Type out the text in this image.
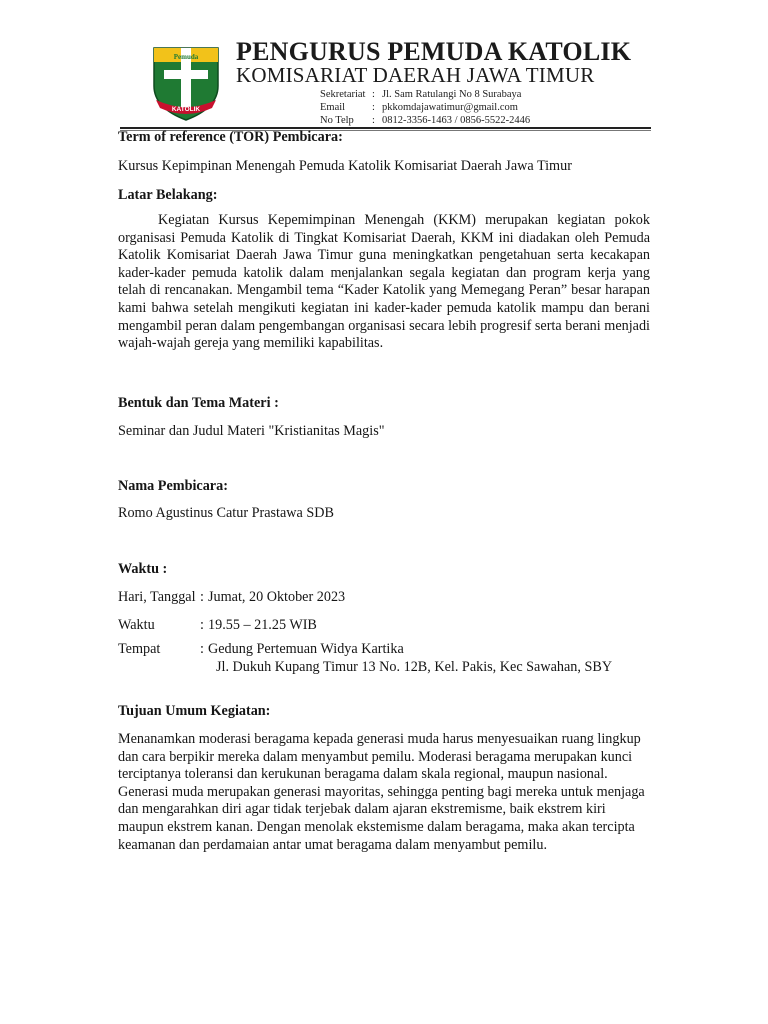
Pemuda
KATOLIK
PENGURUS PEMUDA KATOLIK
KOMISARIAT DAERAH JAWA TIMUR
Sekretariat : Jl. Sam Ratulangi No 8 Surabaya
Email	: pkkomdajawatimur@gmail.com
No Telp	: 0812-3356-1463 / 0856-5522-2446
Term of reference (TOR) Pembicara:
Kursus Kepimpinan Menengah Pemuda Katolik Komisariat Daerah Jawa Timur
Latar Belakang:
Kegiatan Kursus Kepemimpinan Menengah (KKM) merupakan kegiatan pokok organisasi Pemuda Katolik di Tingkat Komisariat Daerah, KKM ini diadakan oleh Pemuda Katolik Komisariat Daerah Jawa Timur guna meningkatkan pengetahuan serta kecakapan kader-kader pemuda katolik dalam menjalankan segala kegiatan dan program kerja yang telah di rencanakan. Mengambil tema “Kader Katolik yang Memegang Peran” besar harapan kami bahwa setelah mengikuti kegiatan ini kader-kader pemuda katolik mampu dan berani mengambil peran dalam pengembangan organisasi secara lebih progresif serta berani menjadi wajah-wajah gereja yang memiliki kapabilitas.
Bentuk dan Tema Materi :
Seminar dan Judul Materi "Kristianitas Magis"
Nama Pembicara:
Romo Agustinus Catur Prastawa SDB
Waktu :
Hari, Tanggal : Jumat, 20 Oktober 2023
Waktu	: 19.55 – 21.25 WIB
Tempat	: Gedung Pertemuan Widya Kartika
Jl. Dukuh Kupang Timur 13 No. 12B, Kel. Pakis, Kec Sawahan, SBY
Tujuan Umum Kegiatan:
Menanamkan moderasi beragama kepada generasi muda harus menyesuaikan ruang lingkup
dan cara berpikir mereka dalam menyambut pemilu. Moderasi beragama merupakan kunci
terciptanya toleransi dan kerukunan beragama dalam skala regional, maupun nasional.
Generasi muda merupakan generasi mayoritas, sehingga penting bagi mereka untuk menjaga
dan mengarahkan diri agar tidak terjebak dalam ajaran ekstremisme, baik ekstrem kiri
maupun ekstrem kanan. Dengan menolak ekstemisme dalam beragama, maka akan tercipta
keamanan dan perdamaian antar umat beragama dalam menyambut pemilu.
